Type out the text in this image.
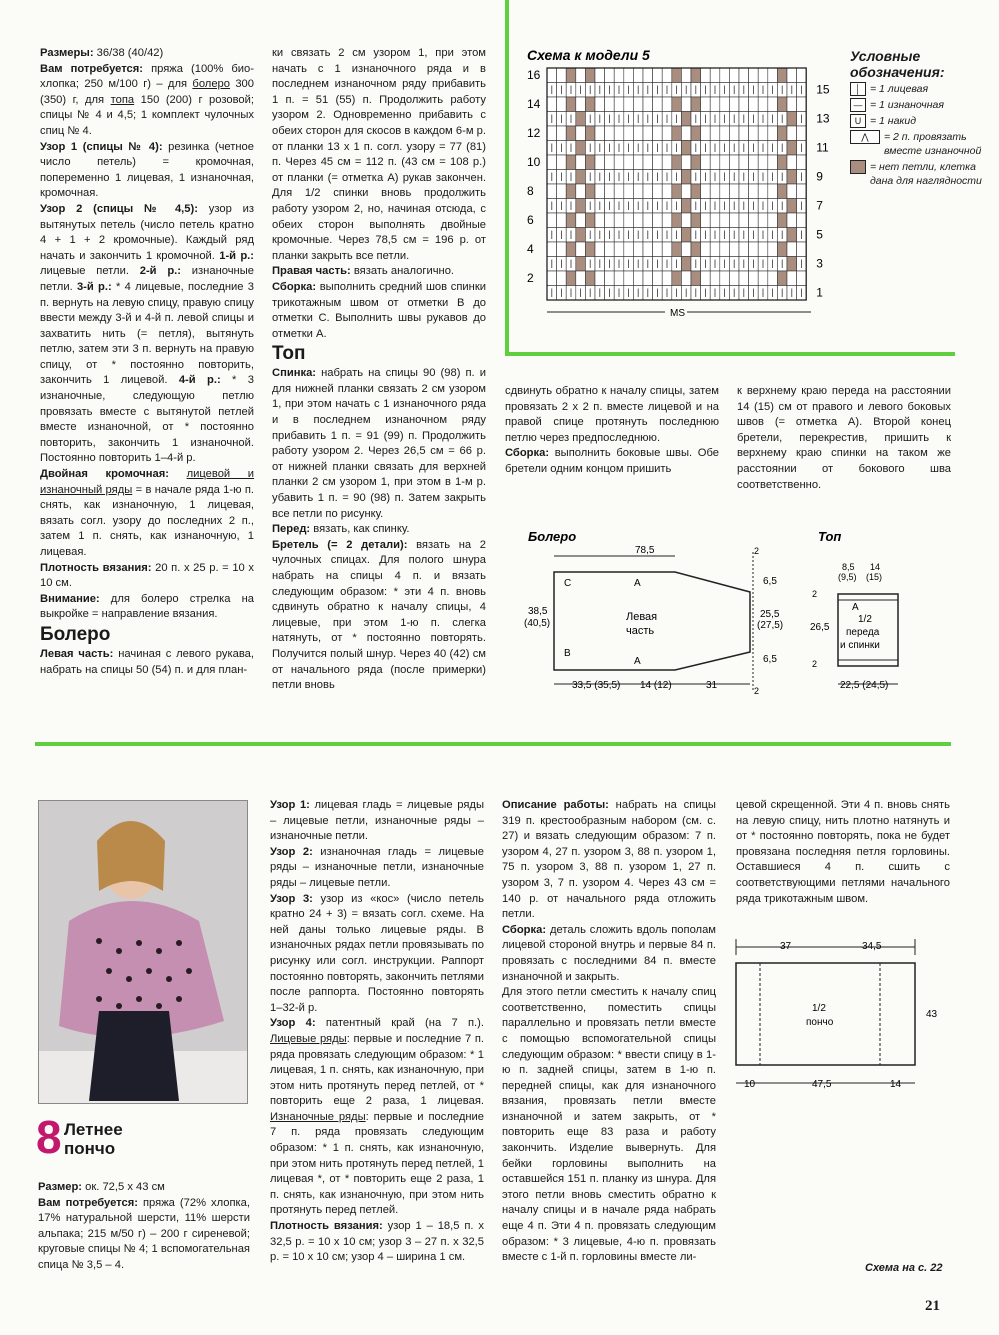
Размеры: 36/38 (40/42)

Вам потребуется: пряжа (100% био-хлопка; 250 м/100 г) – для болеро 300 (350) г, для топа 150 (200) г розовой; спицы № 4 и 4,5; 1 комплект чулочных спиц № 4.

Узор 1 (спицы № 4): резинка (четное число петель) = кромочная, попеременно 1 лицевая, 1 изнаночная, кромочная.

Узор 2 (спицы № 4,5): узор из вытянутых петель (число петель кратно 4 + 1 + 2 кромочные). Каждый ряд начать и закончить 1 кромочной. 1-й р.: лицевые петли. 2-й р.: изнаночные петли. 3-й р.: * 4 лицевые, последние 3 п. вернуть на левую спицу, правую спицу ввести между 3-й и 4-й п. левой спицы и захватить нить (= петля), вытянуть петлю, затем эти 3 п. вернуть на правую спицу, от * постоянно повторить, закончить 1 лицевой. 4-й р.: * 3 изнаночные, следующую петлю провязать вместе с вытянутой петлей вместе изнаночной, от * постоянно повторить, закончить 1 изнаночной. Постоянно повторить 1–4-й р.

Двойная кромочная: лицевой и изнаночный ряды = в начале ряда 1-ю п. снять, как изнаночную, 1 лицевая, вязать согл. узору до последних 2 п., затем 1 п. снять, как изнаночную, 1 лицевая.

Плотность вязания: 20 п. x 25 р. = 10 x 10 см.

Внимание: для болеро стрелка на выкройке = направление вязания.

Болеро

Левая часть: начиная с левого рукава, набрать на спицы 50 (54) п. и для план-

ки связать 2 см узором 1, при этом начать с 1 изнаночного ряда и в последнем изнаночном ряду прибавить 1 п. = 51 (55) п. Продолжить работу узором 2. Одновременно прибавить с обеих сторон для скосов в каждом 6-м р. от планки 13 x 1 п. согл. узору = 77 (81) п. Через 45 см = 112 п. (43 см = 108 р.) от планки (= отметка А) рукав закончен. Для 1/2 спинки вновь продолжить работу узором 2, но, начиная отсюда, с обеих сторон выполнять двойные кромочные. Через 78,5 см = 196 р. от планки закрыть все петли.

Правая часть: вязать аналогично.

Сборка: выполнить средний шов спинки трикотажным швом от отметки В до отметки С. Выполнить швы рукавов до отметки А.

Топ

Спинка: набрать на спицы 90 (98) п. и для нижней планки связать 2 см узором 1, при этом начать с 1 изнаночного ряда и в последнем изнаночном ряду прибавить 1 п. = 91 (99) п. Продолжить работу узором 2. Через 26,5 см = 66 р. от нижней планки связать для верхней планки 2 см узором 1, при этом в 1-м р. убавить 1 п. = 90 (98) п. Затем закрыть все петли по рисунку.

Перед: вязать, как спинку.

Бретель (= 2 детали): вязать на 2 чулочных спицах. Для полого шнура набрать на спицы 4 п. и вязать следующим образом: * эти 4 п. вновь сдвинуть обратно к началу спицы, 4 лицевые, при этом 1-ю п. слегка натянуть, от * постоянно повторять. Получится полый шнур. Через 40 (42) см от начального ряда (после примерки) петли вновь

Схема к модели 5
16
14
12
10
8
6
4
2
15
13
11
9
7
5
3
1
MS
Условные обозначения:
│ = 1 лицевая
— = 1 изнаночная
U = 1 накид
⋀	= 2 п. провязать вместе изнаночной
= нет петли, клетка дана для наглядности

сдвинуть обратно к началу спицы, затем провязать 2 x 2 п. вместе лицевой и на правой спице протянуть последнюю петлю через предпоследнюю.

Сборка: выполнить боковые швы. Обе бретели одним концом пришить

к верхнему краю переда на расстоянии 14 (15) см от правого и левого боковых швов (= отметка А). Второй конец бретели, перекрестив, пришить к верхнему краю спинки на таком же расстоянии от бокового шва соответственно.

Болеро
78,5
38,5
(40,5)
C	A
B
A
Левая
часть
6,5
25,5
(27,5)
6,5
33,5 (35,5) 14 (12)	31
2
2
Топ
8,5
(9,5)
14
(15)
2
26,5
2
A
1/2
переда
и спинки
22,5 (24,5)
8 Летнее
пончо

Размер: ок. 72,5 x 43 см

Вам потребуется: пряжа (72% хлопка, 17% натуральной шерсти, 11% шерсти альпака; 215 м/50 г) – 200 г сиреневой; круговые спицы № 4; 1 вспомогательная спица № 3,5 – 4.

Узор 1: лицевая гладь = лицевые ряды – лицевые петли, изнаночные ряды – изнаночные петли.

Узор 2: изнаночная гладь = лицевые ряды – изнаночные петли, изнаночные ряды – лицевые петли.

Узор 3: узор из «кос» (число петель кратно 24 + 3) = вязать согл. схеме. На ней даны только лицевые ряды. В изнаночных рядах петли провязывать по рисунку или согл. инструкции. Раппорт постоянно повторять, закончить петлями после раппорта. Постоянно повторять 1–32-й р.

Узор 4: патентный край (на 7 п.). Лицевые ряды: первые и последние 7 п. ряда провязать следующим образом: * 1 лицевая, 1 п. снять, как изнаночную, при этом нить протянуть перед петлей, от * повторить еще 2 раза, 1 лицевая. Изнаночные ряды: первые и последние 7 п. ряда провязать следующим образом: * 1 п. снять, как изнаночную, при этом нить протянуть перед петлей, 1 лицевая *, от * повторить еще 2 раза, 1 п. снять, как изнаночную, при этом нить протянуть перед петлей.

Плотность вязания: узор 1 – 18,5 п. x 32,5 р. = 10 x 10 см; узор 3 – 27 п. x 32,5 р. = 10 x 10 см; узор 4 – ширина 1 см.

Описание работы: набрать на спицы 319 п. крестообразным набором (см. с. 27) и вязать следующим образом: 7 п. узором 4, 27 п. узором 3, 88 п. узором 1, 75 п. узором 3, 88 п. узором 1, 27 п. узором 3, 7 п. узором 4. Через 43 см = 140 р. от начального ряда отложить петли.

Сборка: деталь сложить вдоль пополам лицевой стороной внутрь и первые 84 п. провязать с последними 84 п. вместе изнаночной и закрыть.

Для этого петли сместить к началу спиц соответственно, поместить спицы параллельно и провязать петли вместе с помощью вспомогательной спицы следующим образом: * ввести спицу в 1-ю п. задней спицы, затем в 1-ю п. передней спицы, как для изнаночного вязания, провязать петли вместе изнаночной и затем закрыть, от * повторить еще 83 раза и работу закончить. Изделие вывернуть. Для бейки горловины выполнить на оставшейся 151 п. планку из шнура. Для этого петли вновь сместить обратно к началу спицы и в начале ряда набрать еще 4 п. Эти 4 п. провязать следующим образом: * 3 лицевые, 4-ю п. провязать вместе с 1-й п. горловины вместе ли-

цевой скрещенной. Эти 4 п. вновь снять на левую спицу, нить плотно натянуть и от * постоянно повторять, пока не будет провязана последняя петля горловины. Оставшиеся 4 п. сшить с соответствующими петлями начального ряда трикотажным швом.

37	34,5
1/2
пончо
43
10	47,5	14
Схема на с. 22
21
